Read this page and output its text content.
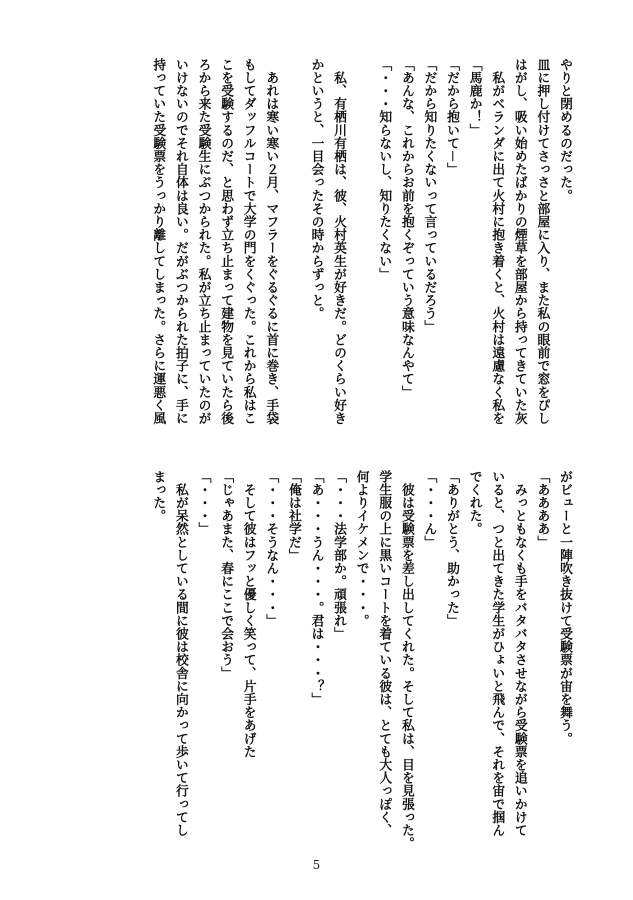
やりと閉めるのだった。
皿に押し付けてさっさと部屋に入り、また私の眼前で窓をぴし
はがし、吸い始めたばかりの煙草を部屋から持ってきていた灰
　私がベランダに出て火村に抱き着くと、火村は遠慮なく私を
「馬鹿か！」
「だから抱いて－」
「だから知りたくないって言っているだろう」
「あんな、これからお前を抱くぞっていう意味なんやて」
「・・・知らないし、知りたくない」

　私、有栖川有栖は、彼、火村英生が好きだ。どのくらい好き
かというと、一目会ったその時からずっと。

　あれは寒い寒い２月、マフラーをぐるぐるに首に巻き、手袋
もしてダッフルコートで大学の門をくぐった。これから私はこ
こを受験するのだ、と思わず立ち止まって建物を見ていたら後
ろから来た受験生にぶつかられた。私が立ち止まっていたのが
いけないのでそれ自体は良い。だがぶつかられた拍子に、手に
持っていた受験票をうっかり離してしまった。さらに運悪く風
がビューと一陣吹き抜けて受験票が宙を舞う。
「ああああ」
　みっともなくも手をバタバタさせながら受験票を追いかけて
いると、つと出てきた学生がひょいと飛んで、それを宙で掴ん
でくれた。
「ありがとう、助かった」
「・・・ん」
　彼は受験票を差し出してくれた。そして私は、目を見張った。
学生服の上に黒いコートを着ている彼は、とても大人っぽく、
何よりイケメンで・・・。
「・・・法学部か。頑張れ」
「あ・・・うん・・・。君は・・・？」
「俺は社学だ」
「・・・そうなん・・・」
　そして彼はフッと優しく笑って、片手をあげた
「じゃあまた、春にここで会おう」
「・・・」
　私が呆然としている間に彼は校舎に向かって歩いて行ってし
まった。
5
